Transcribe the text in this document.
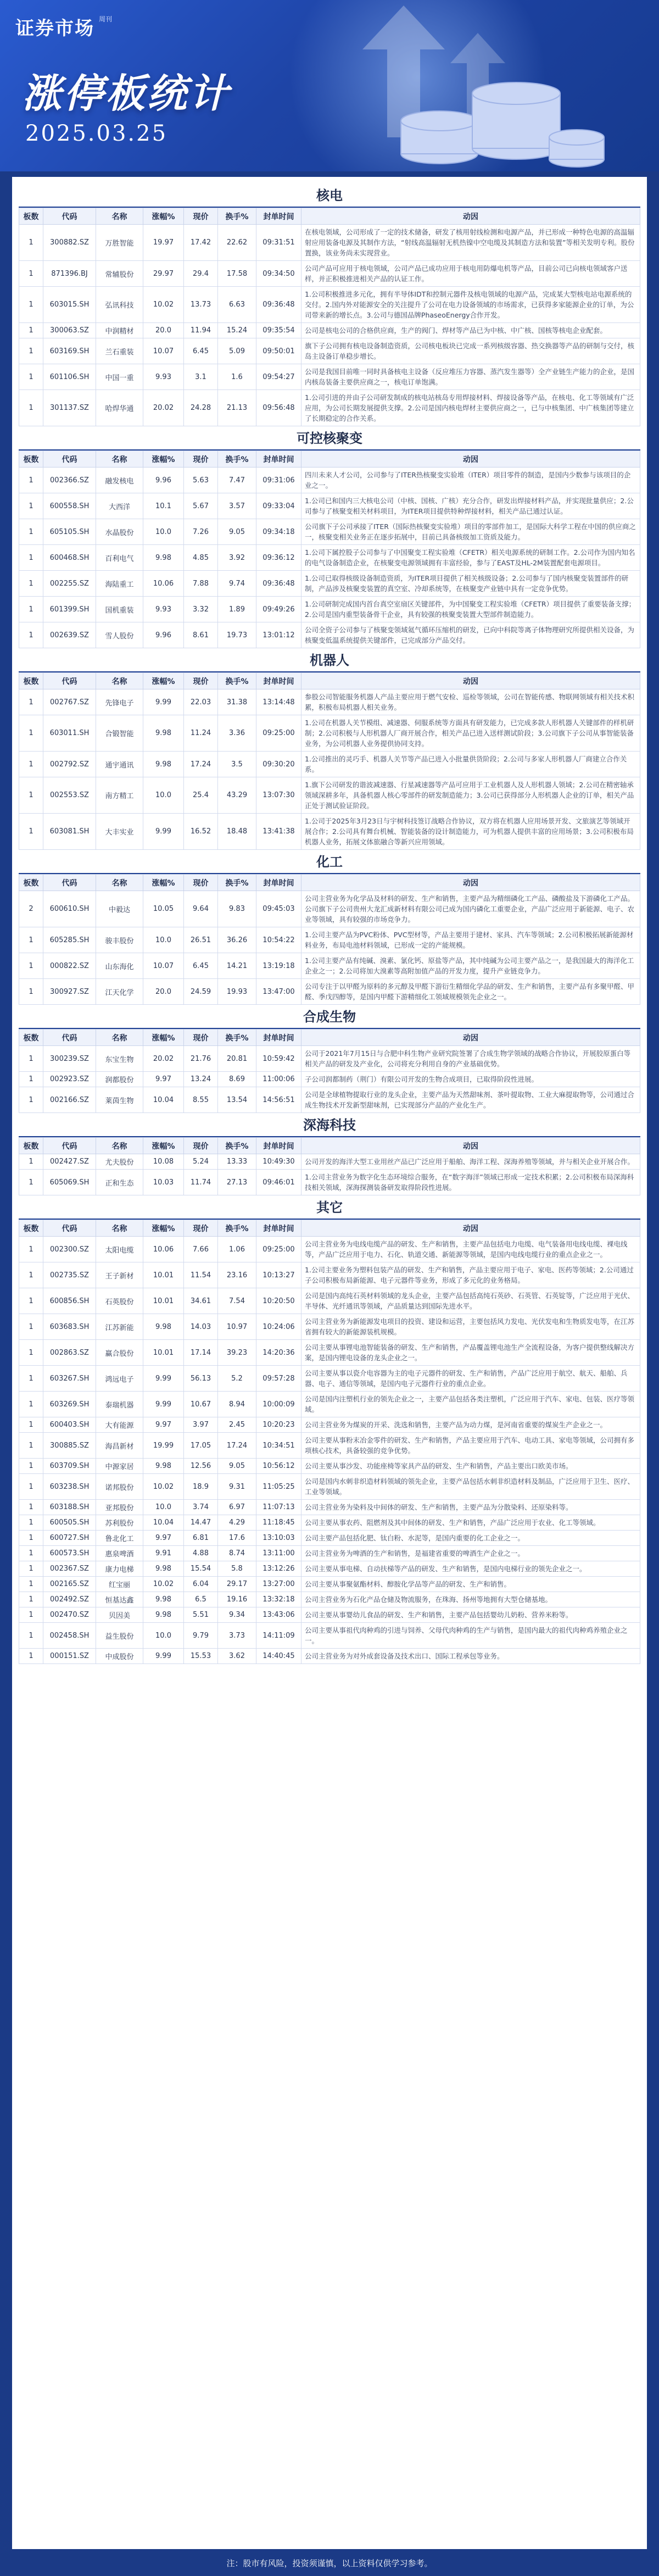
证券市场 周刊
涨停板统计
2025.03.25
核电
板数	代码	名称	涨幅%	现价	换手%	封单时间	动因
1	300882.SZ	万胜智能	19.97	17.42	22.62	09:31:51	在核电领域，公司形成了一定的技术储备，研发了核用射线检测和电源产品，并已形成一种特色电源的高温辐射应用装备电源及其制作方法，“射线高温辐射无机热镍中空电缆及其制造方法和装置”等相关发明专利。股份置换，该业务尚未实现营业。
1	871396.BJ	常辅股份	29.97	29.4	17.58	09:34:50	公司产品可应用于核电领域，公司产品已成功应用于核电用防爆电机等产品，目前公司已向核电领域客户送样，并正积极推进相关产品的认证工作。
1	603015.SH	弘讯科技	10.02	13.73	6.63	09:36:48	1.公司积极推进多元化，拥有半导体IDT和控制元器件及核电领域的电源产品，完成某大型核电站电源系统的交付。2.国内外对能源安全的关注提升了公司在电力设备领域的市场需求，已获得多家能源企业的订单，为公司带来新的增长点。3.公司与德国品牌PhaseoEnergy合作开发。
1	300063.SZ	中润精材	20.0	11.94	15.24	09:35:54	公司是核电公司的合格供应商，生产的阀门、焊材等产品已为中核、中广核、国核等核电企业配套。
1	603169.SH	兰石重装	10.07	6.45	5.09	09:50:01	旗下子公司拥有核电设备制造资质，公司核电板块已完成一系列核级容器、热交换器等产品的研制与交付，核岛主设备订单稳步增长。
1	601106.SH	中国一重	9.93	3.1	1.6	09:54:27	公司是我国目前唯一同时具备核电主设备（反应堆压力容器、蒸汽发生器等）全产业链生产能力的企业，是国内核岛装备主要供应商之一，核电订单饱满。
1	301137.SZ	哈焊华通	20.02	24.28	21.13	09:56:48	1.公司引进的并由子公司研发制成的核电站核岛专用焊接材料、焊接设备等产品，在核电、化工等领域有广泛应用，为公司长期发展提供支撑。2.公司是国内核电焊材主要供应商之一，已与中核集团、中广核集团等建立了长期稳定的合作关系。
可控核聚变
板数	代码	名称	涨幅%	现价	换手%	封单时间	动因
1	002366.SZ	融发核电	9.96	5.63	7.47	09:31:06	四川未来人才公司，公司参与了ITER热核聚变实验堆（ITER）项目零件的制造，是国内少数参与该项目的企业之一。
1	600558.SH	大西洋	10.1	5.67	3.57	09:33:04	1.公司已和国内三大核电公司（中核、国核、广核）充分合作，研发出焊接材料产品，并实现批量供应；2.公司参与了核聚变相关材料项目，为ITER项目提供特种焊接材料，相关产品已通过认证。
1	605105.SH	水晶股份	10.0	7.26	9.05	09:34:18	公司旗下子公司承接了ITER（国际热核聚变实验堆）项目的零部件加工，是国际大科学工程在中国的供应商之一，核聚变相关业务正在逐步拓展中，目前已具备核级加工资质及能力。
1	600468.SH	百利电气	9.98	4.85	3.92	09:36:12	1.公司下属控股子公司参与了中国聚变工程实验堆（CFETR）相关电源系统的研制工作。2.公司作为国内知名的电气设备制造企业，在核聚变电源领域拥有丰富经验，参与了EAST及HL-2M装置配套电源项目。
1	002255.SZ	海陆重工	10.06	7.88	9.74	09:36:48	1.公司已取得核级设备制造资质，为ITER项目提供了相关核级设备；2.公司参与了国内核聚变装置部件的研制，产品涉及核聚变装置的真空室、冷却系统等，在核聚变产业链中具有一定竞争优势。
1	601399.SH	国机重装	9.93	3.32	1.89	09:49:26	1.公司研制完成国内首台真空室扇区关键部件，为中国聚变工程实验堆（CFETR）项目提供了重要装备支撑；2.公司是国内重型装备骨干企业，具有较强的核聚变装置大型部件制造能力。
1	002639.SZ	雪人股份	9.96	8.61	19.73	13:01:12	公司全资子公司参与了核聚变领域氦气循环压缩机的研发，已向中科院等离子体物理研究所提供相关设备，为核聚变低温系统提供关键部件，已完成部分产品交付。
机器人
板数	代码	名称	涨幅%	现价	换手%	封单时间	动因
1	002767.SZ	先锋电子	9.99	22.03	31.38	13:14:48	参股公司智能服务机器人产品主要应用于燃气安检、巡检等领域，公司在智能传感、物联网领域有相关技术积累，积极布局机器人相关业务。
1	603011.SH	合锻智能	9.98	11.24	3.36	09:25:00	1.公司在机器人关节模组、减速器、伺服系统等方面具有研发能力，已完成多款人形机器人关键部件的样机研制；2.公司积极与人形机器人厂商开展合作，相关产品已进入送样测试阶段；3.公司旗下子公司从事智能装备业务，为公司机器人业务提供协同支持。
1	002792.SZ	通宇通讯	9.98	17.24	3.5	09:30:20	1.公司推出的灵巧手、机器人关节等产品已进入小批量供货阶段；2.公司与多家人形机器人厂商建立合作关系。
1	002553.SZ	南方精工	10.0	25.4	43.29	13:07:30	1.旗下公司研发的谐波减速器、行星减速器等产品可应用于工业机器人及人形机器人领域；2.公司在精密轴承领域深耕多年，具备机器人核心零部件的研发制造能力；3.公司已获得部分人形机器人企业的订单，相关产品正处于测试验证阶段。
1	603081.SH	大丰实业	9.99	16.52	18.48	13:41:38	1.公司于2025年3月23日与宇树科技签订战略合作协议，双方将在机器人应用场景开发、文旅演艺等领域开展合作；2.公司具有舞台机械、智能装备的设计制造能力，可为机器人提供丰富的应用场景；3.公司积极布局机器人业务，拓展文体旅融合等新兴应用领域。
化工
板数	代码	名称	涨幅%	现价	换手%	封单时间	动因
2	600610.SH	中毅达	10.05	9.64	9.83	09:45:03	公司主营业务为化学品及材料的研发、生产和销售，主要产品为精细磷化工产品、磷酸盐及下游磷化工产品。公司旗下子公司贵州大龙汇成新材料有限公司已成为国内磷化工重要企业，产品广泛应用于新能源、电子、农业等领域，具有较强的市场竞争力。
1	605285.SH	骏丰股份	10.0	26.51	36.26	10:54:22	1.公司主要产品为PVC粉体、PVC型材等，产品主要用于建材、家具、汽车等领域；2.公司积极拓展新能源材料业务，布局电池材料领域，已形成一定的产能规模。
1	000822.SZ	山东海化	10.07	6.45	14.21	13:19:18	1.公司主要产品有纯碱、溴素、氯化钙、原盐等产品，其中纯碱为公司主要产品之一，是我国最大的海洋化工企业之一；2.公司将加大溴素等高附加值产品的开发力度，提升产业链竞争力。
1	300927.SZ	江天化学	20.0	24.59	19.93	13:47:00	公司专注于以甲醛为原料的多元醇及甲醛下游衍生精细化学品的研发、生产和销售，主要产品有多聚甲醛、甲醛、季戊四醇等，是国内甲醛下游精细化工领域规模领先企业之一。
合成生物
板数	代码	名称	涨幅%	现价	换手%	封单时间	动因
1	300239.SZ	东宝生物	20.02	21.76	20.81	10:59:42	公司于2021年7月15日与合肥中科生物产业研究院签署了合成生物学领域的战略合作协议，开展胶原蛋白等相关产品的研发及产业化，公司将充分利用自身的产业基础优势。
1	002923.SZ	润都股份	9.97	13.24	8.69	11:00:06	子公司润都制药（荆门）有限公司开发的生物合成项目，已取得阶段性进展。
1	002166.SZ	莱茵生物	10.04	8.55	13.54	14:56:51	公司是全球植物提取行业的龙头企业，主要产品为天然甜味剂、茶叶提取物、工业大麻提取物等，公司通过合成生物技术开发新型甜味剂，已实现部分产品的产业化生产。
深海科技
板数	代码	名称	涨幅%	现价	换手%	封单时间	动因
1	002427.SZ	尤夫股份	10.08	5.24	13.33	10:49:30	公司开发的海洋大型工业用丝产品已广泛应用于船舶、海洋工程、深海养殖等领域，并与相关企业开展合作。
1	605069.SH	正和生态	10.03	11.74	27.13	09:46:01	1.公司主营业务为数字化生态环境综合服务，在“数字海洋”领域已形成一定技术积累；2.公司积极布局深海科技相关领域，深海探测装备研发取得阶段性进展。
其它
板数	代码	名称	涨幅%	现价	换手%	封单时间	动因
1	002300.SZ	太阳电缆	10.06	7.66	1.06	09:25:00	公司主营业务为电线电缆产品的研发、生产和销售，主要产品包括电力电缆、电气装备用电线电缆、裸电线等，产品广泛应用于电力、石化、轨道交通、新能源等领域，是国内电线电缆行业的重点企业之一。
1	002735.SZ	王子新材	10.01	11.54	23.16	10:13:27	1.公司主要业务为塑料包装产品的研发、生产和销售，产品主要应用于电子、家电、医药等领域；2.公司通过子公司积极布局新能源、电子元器件等业务，形成了多元化的业务格局。
1	600856.SH	石英股份	10.01	34.61	7.54	10:20:50	公司是国内高纯石英材料领域的龙头企业，主要产品包括高纯石英砂、石英管、石英锭等，广泛应用于光伏、半导体、光纤通讯等领域，产品质量达到国际先进水平。
1	603683.SH	江苏新能	9.98	14.03	10.97	10:24:06	公司主营业务为新能源发电项目的投资、建设和运营，主要包括风力发电、光伏发电和生物质发电等，在江苏省拥有较大的新能源装机规模。
1	002863.SZ	赢合股份	10.01	17.14	39.23	14:20:36	公司主要从事锂电池智能装备的研发、生产和销售，产品覆盖锂电池生产全流程设备，为客户提供整线解决方案，是国内锂电设备的龙头企业之一。
1	603267.SH	鸿远电子	9.99	56.13	5.2	09:57:28	公司主要从事以瓷介电容器为主的电子元器件的研发、生产和销售，产品广泛应用于航空、航天、船舶、兵器、电子、通信等领域，是国内电子元器件行业的重点企业。
1	603269.SH	泰瑞机器	9.99	10.67	8.94	10:00:09	公司是国内注塑机行业的领先企业之一，主要产品包括各类注塑机，广泛应用于汽车、家电、包装、医疗等领域。
1	600403.SH	大有能源	9.97	3.97	2.45	10:20:23	公司主营业务为煤炭的开采、洗选和销售，主要产品为动力煤，是河南省重要的煤炭生产企业之一。
1	300885.SZ	海昌新材	19.99	17.05	17.24	10:34:51	公司主要从事粉末冶金零件的研发、生产和销售，产品主要应用于汽车、电动工具、家电等领域，公司拥有多项核心技术，具备较强的竞争优势。
1	603709.SH	中源家居	9.98	12.56	9.05	10:56:12	公司主要从事沙发、功能座椅等家具产品的研发、生产和销售，产品主要出口欧美市场。
1	603238.SH	诺邦股份	10.02	18.9	9.31	11:05:25	公司是国内水刺非织造材料领域的领先企业，主要产品包括水刺非织造材料及制品，广泛应用于卫生、医疗、工业等领域。
1	603188.SH	亚邦股份	10.0	3.74	6.97	11:07:13	公司主营业务为染料及中间体的研发、生产和销售，主要产品为分散染料、还原染料等。
1	600505.SH	苏利股份	10.04	14.47	4.29	11:18:45	公司主要从事农药、阻燃剂及其中间体的研发、生产和销售，产品广泛应用于农业、化工等领域。
1	600727.SH	鲁北化工	9.97	6.81	17.6	13:10:03	公司主要产品包括化肥、钛白粉、水泥等，是国内重要的化工企业之一。
1	600573.SH	惠泉啤酒	9.91	4.88	8.74	13:11:00	公司主营业务为啤酒的生产和销售，是福建省重要的啤酒生产企业之一。
1	002367.SZ	康力电梯	9.98	15.54	5.8	13:12:26	公司主要从事电梯、自动扶梯等产品的研发、生产和销售，是国内电梯行业的领先企业之一。
1	002165.SZ	红宝丽	10.02	6.04	29.17	13:27:00	公司主要从事聚氨酯材料、醇胺化学品等产品的研发、生产和销售。
1	002492.SZ	恒基达鑫	9.98	6.5	19.16	13:32:18	公司主营业务为石化产品仓储及物流服务，在珠海、扬州等地拥有大型仓储基地。
1	002470.SZ	贝因美	9.98	5.51	9.34	13:43:06	公司主要从事婴幼儿食品的研发、生产和销售，主要产品包括婴幼儿奶粉、营养米粉等。
1	002458.SH	益生股份	10.0	9.79	3.73	14:11:09	公司主要从事祖代肉种鸡的引进与饲养、父母代肉种鸡的生产与销售，是国内最大的祖代肉种鸡养殖企业之一。
1	000151.SZ	中成股份	9.99	15.53	3.62	14:40:45	公司主营业务为对外成套设备及技术出口、国际工程承包等业务。
注：股市有风险，投资须谨慎，以上资料仅供学习参考。
